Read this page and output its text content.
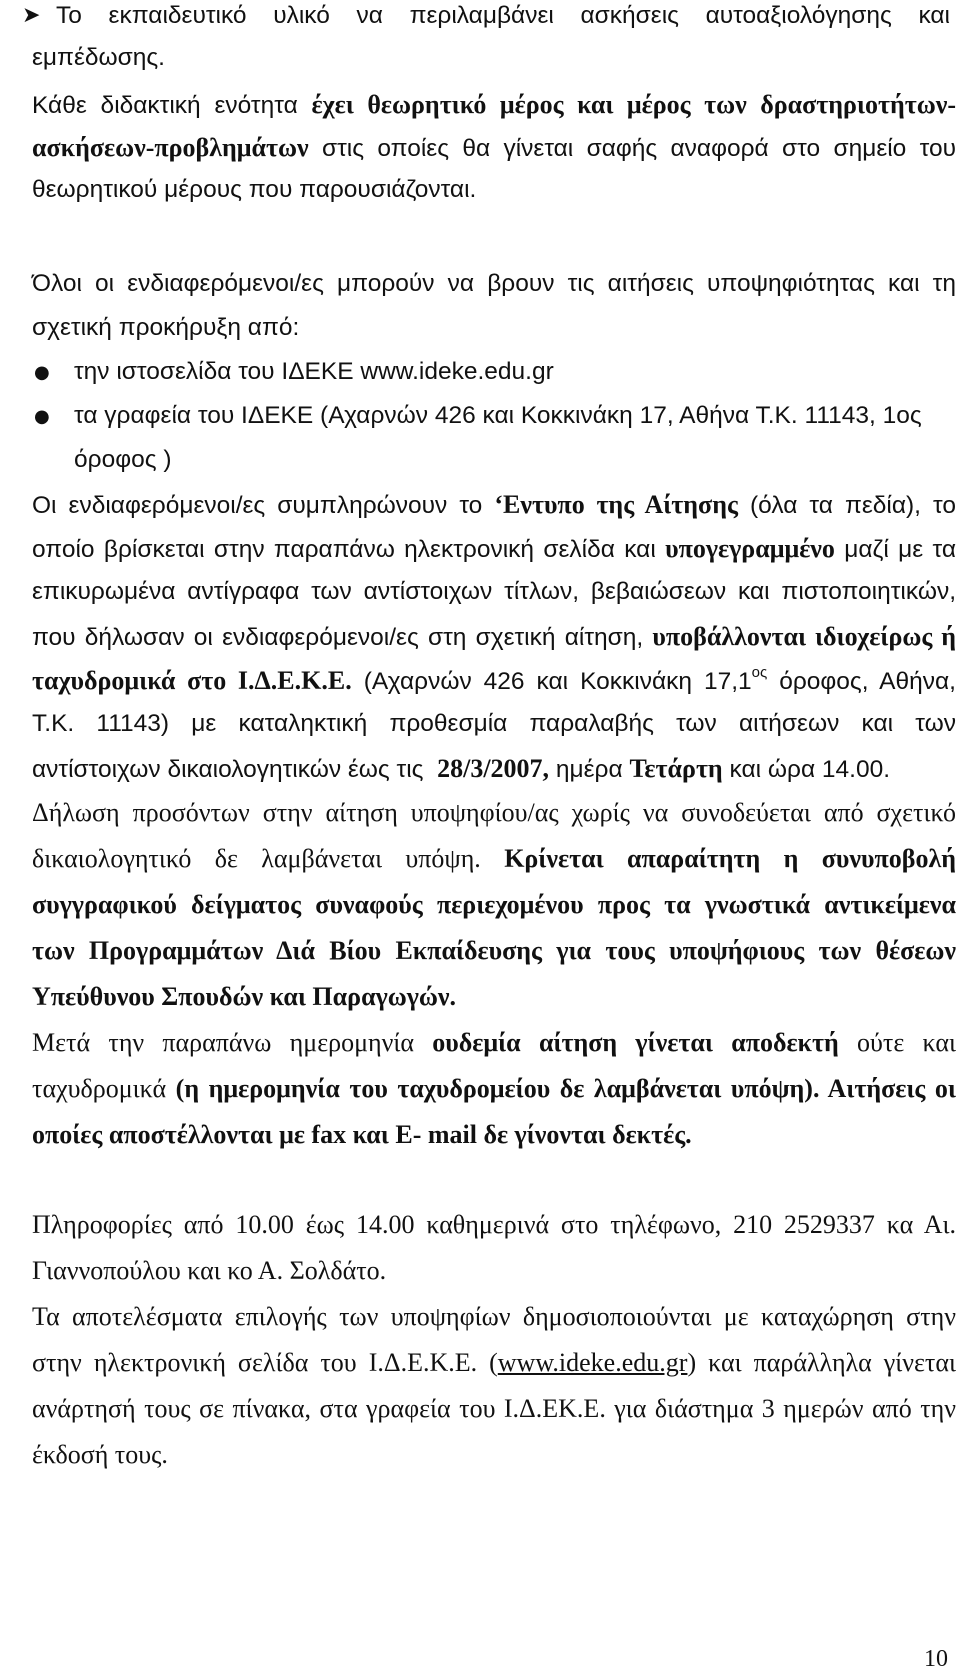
➤ Το εκπαιδευτικό υλικό να περιλαμβάνει ασκήσεις αυτοαξιολόγησης και

εμπέδωσης.

Κάθε διδακτική ενότητα έχει θεωρητικό μέρος και μέρος των δραστηριοτήτων-

ασκήσεων-προβλημάτων στις οποίες θα γίνεται σαφής αναφορά στο σημείο του

θεωρητικού μέρους που παρουσιάζονται.

Όλοι οι ενδιαφερόμενοι/ες μπορούν να βρουν τις αιτήσεις υποψηφιότητας και τη

σχετική προκήρυξη από:

● την ιστοσελίδα του ΙΔΕΚΕ www.ideke.edu.gr

● τα γραφεία του ΙΔΕΚΕ (Αχαρνών 426 και Κοκκινάκη 17, Αθήνα Τ.Κ. 11143, 1ος

όροφος )

Οι ενδιαφερόμενοι/ες συμπληρώνουν το ‘Εντυπο της Αίτησης (όλα τα πεδία), το

οποίο βρίσκεται στην παραπάνω ηλεκτρονική σελίδα και υπογεγραμμένο μαζί με τα

επικυρωμένα αντίγραφα των αντίστοιχων τίτλων, βεβαιώσεων και πιστοποιητικών,

που δήλωσαν οι ενδιαφερόμενοι/ες στη σχετική αίτηση, υποβάλλονται ιδιοχείρως ή

ταχυδρομικά στο Ι.Δ.Ε.Κ.Ε. (Αχαρνών 426 και Κοκκινάκη $17,1^{o\varsigma}$ όροφος, Αθήνα,

Τ.Κ. 11143) με καταληκτική προθεσμία παραλαβής των αιτήσεων και των

αντίστοιχων δικαιολογητικών έως τις 28/3/2007, ημέρα Τετάρτη και ώρα 14.00.

Δήλωση προσόντων στην αίτηση υποψηφίου/ας χωρίς να συνοδεύεται από σχετικό

δικαιολογητικό δε λαμβάνεται υπόψη. Κρίνεται απαραίτητη η συνυποβολή

συγγραφικού δείγματος συναφούς περιεχομένου προς τα γνωστικά αντικείμενα

των Προγραμμάτων Διά Βίου Εκπαίδευσης για τους υποψήφιους των θέσεων

Υπεύθυνου Σπουδών και Παραγωγών.

Μετά την παραπάνω ημερομηνία ουδεμία αίτηση γίνεται αποδεκτή ούτε και

ταχυδρομικά (η ημερομηνία του ταχυδρομείου δε λαμβάνεται υπόψη). Αιτήσεις οι

οποίες αποστέλλονται με fax και E- mail δε γίνονται δεκτές.

Πληροφορίες από 10.00 έως 14.00 καθημερινά στο τηλέφωνο, 210 2529337 κα Αι.

Γιαννοπούλου και κο Α. Σολδάτο.

Τα αποτελέσματα επιλογής των υποψηφίων δημοσιοποιούνται με καταχώρηση στην

στην ηλεκτρονική σελίδα του Ι.Δ.Ε.Κ.Ε. (www.ideke.edu.gr) και παράλληλα γίνεται

ανάρτησή τους σε πίνακα, στα γραφεία του Ι.Δ.ΕΚ.Ε. για διάστημα 3 ημερών από την

έκδοσή τους.

10
